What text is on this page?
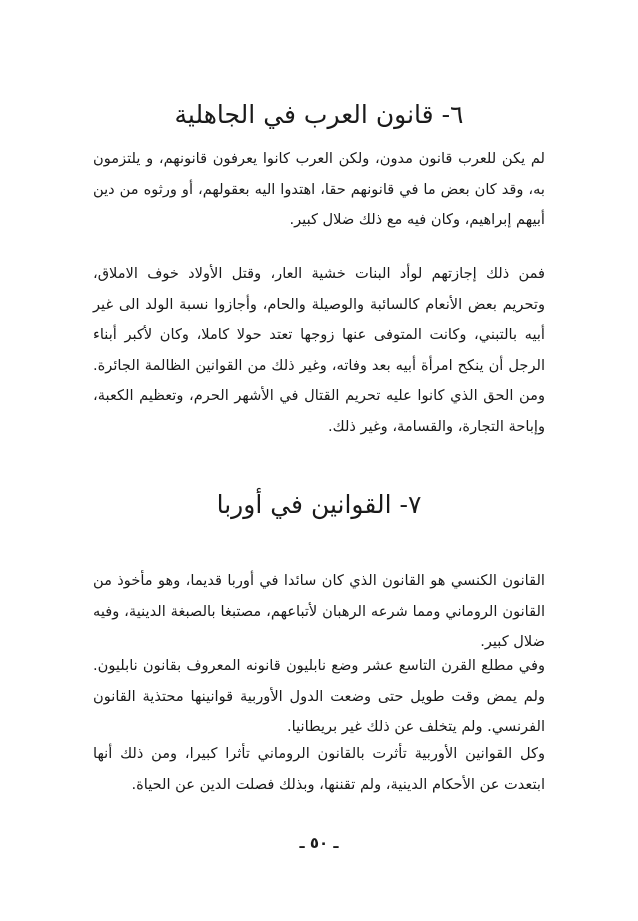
٦- قانون العرب في الجاهلية
لم يكن للعرب قانون مدون، ولكن العرب كانوا يعرفون قانونهم، و يلتزمون به، وقد كان بعض ما في قانونهم حقا، اهتدوا اليه بعقولهم، أو ورثوه من دين أبيهم إبراهيم، وكان فيه مع ذلك ضلال كبير.
فمن ذلك إجازتهم لوأد البنات خشية العار، وقتل الأولاد خوف الاملاق، وتحريم بعض الأنعام كالسائبة والوصيلة والحام، وأجازوا نسبة الولد الى غير أبيه بالتبني، وكانت المتوفى عنها زوجها تعتد حولا كاملا، وكان لأكبر أبناء الرجل أن ينكح امرأة أبيه بعد وفاته، وغير ذلك من القوانين الظالمة الجائرة. ومن الحق الذي كانوا عليه تحريم القتال في الأشهر الحرم، وتعظيم الكعبة، وإباحة التجارة، والقسامة، وغير ذلك.
٧- القوانين في أوربا
القانون الكنسي هو القانون الذي كان سائدا في أوربا قديما، وهو مأخوذ من القانون الروماني ومما شرعه الرهبان لأتباعهم، مصتبغا بالصبغة الدينية، وفيه ضلال كبير.
وفي مطلع القرن التاسع عشر وضع نابليون قانونه المعروف بقانون نابليون. ولم يمض وقت طويل حتى وضعت الدول الأوربية قوانينها محتذية القانون الفرنسي. ولم يتخلف عن ذلك غير بريطانيا.
وكل القوانين الأوربية تأثرت بالقانون الروماني تأثرا كبيرا، ومن ذلك أنها ابتعدت عن الأحكام الدينية، ولم تقننها، وبذلك فصلت الدين عن الحياة.
ـ ٥٠ ـ
